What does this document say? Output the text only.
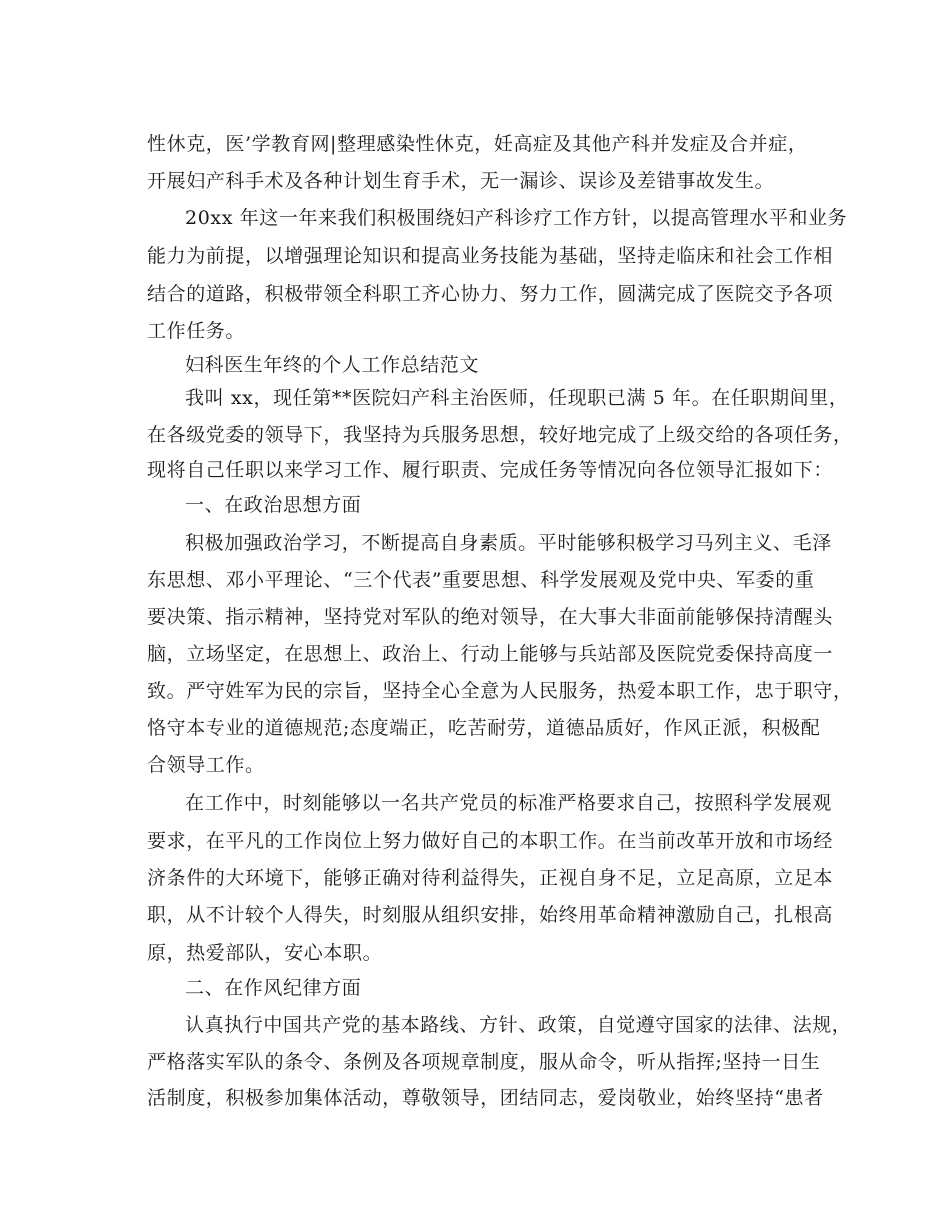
性休克，医’学教育网|整理感染性休克，妊高症及其他产科并发症及合并症，
开展妇产科手术及各种计划生育手术，无一漏诊、误诊及差错事故发生。
20xx 年这一年来我们积极围绕妇产科诊疗工作方针，以提高管理水平和业务
能力为前提，以增强理论知识和提高业务技能为基础，坚持走临床和社会工作相
结合的道路，积极带领全科职工齐心协力、努力工作，圆满完成了医院交予各项
工作任务。
妇科医生年终的个人工作总结范文
我叫 xx，现任第**医院妇产科主治医师，任现职已满 5 年。在任职期间里，
在各级党委的领导下，我坚持为兵服务思想，较好地完成了上级交给的各项任务，
现将自己任职以来学习工作、履行职责、完成任务等情况向各位领导汇报如下：
一、在政治思想方面
积极加强政治学习，不断提高自身素质。平时能够积极学习马列主义、毛泽
东思想、邓小平理论、“三个代表”重要思想、科学发展观及党中央、军委的重
要决策、指示精神，坚持党对军队的绝对领导，在大事大非面前能够保持清醒头
脑，立场坚定，在思想上、政治上、行动上能够与兵站部及医院党委保持高度一
致。严守姓军为民的宗旨，坚持全心全意为人民服务，热爱本职工作，忠于职守，
恪守本专业的道德规范;态度端正，吃苦耐劳，道德品质好，作风正派，积极配
合领导工作。
在工作中，时刻能够以一名共产党员的标准严格要求自己，按照科学发展观
要求，在平凡的工作岗位上努力做好自己的本职工作。在当前改革开放和市场经
济条件的大环境下，能够正确对待利益得失，正视自身不足，立足高原，立足本
职，从不计较个人得失，时刻服从组织安排，始终用革命精神激励自己，扎根高
原，热爱部队，安心本职。
二、在作风纪律方面
认真执行中国共产党的基本路线、方针、政策，自觉遵守国家的法律、法规，
严格落实军队的条令、条例及各项规章制度，服从命令，听从指挥;坚持一日生
活制度，积极参加集体活动，尊敬领导，团结同志，爱岗敬业，始终坚持“患者
